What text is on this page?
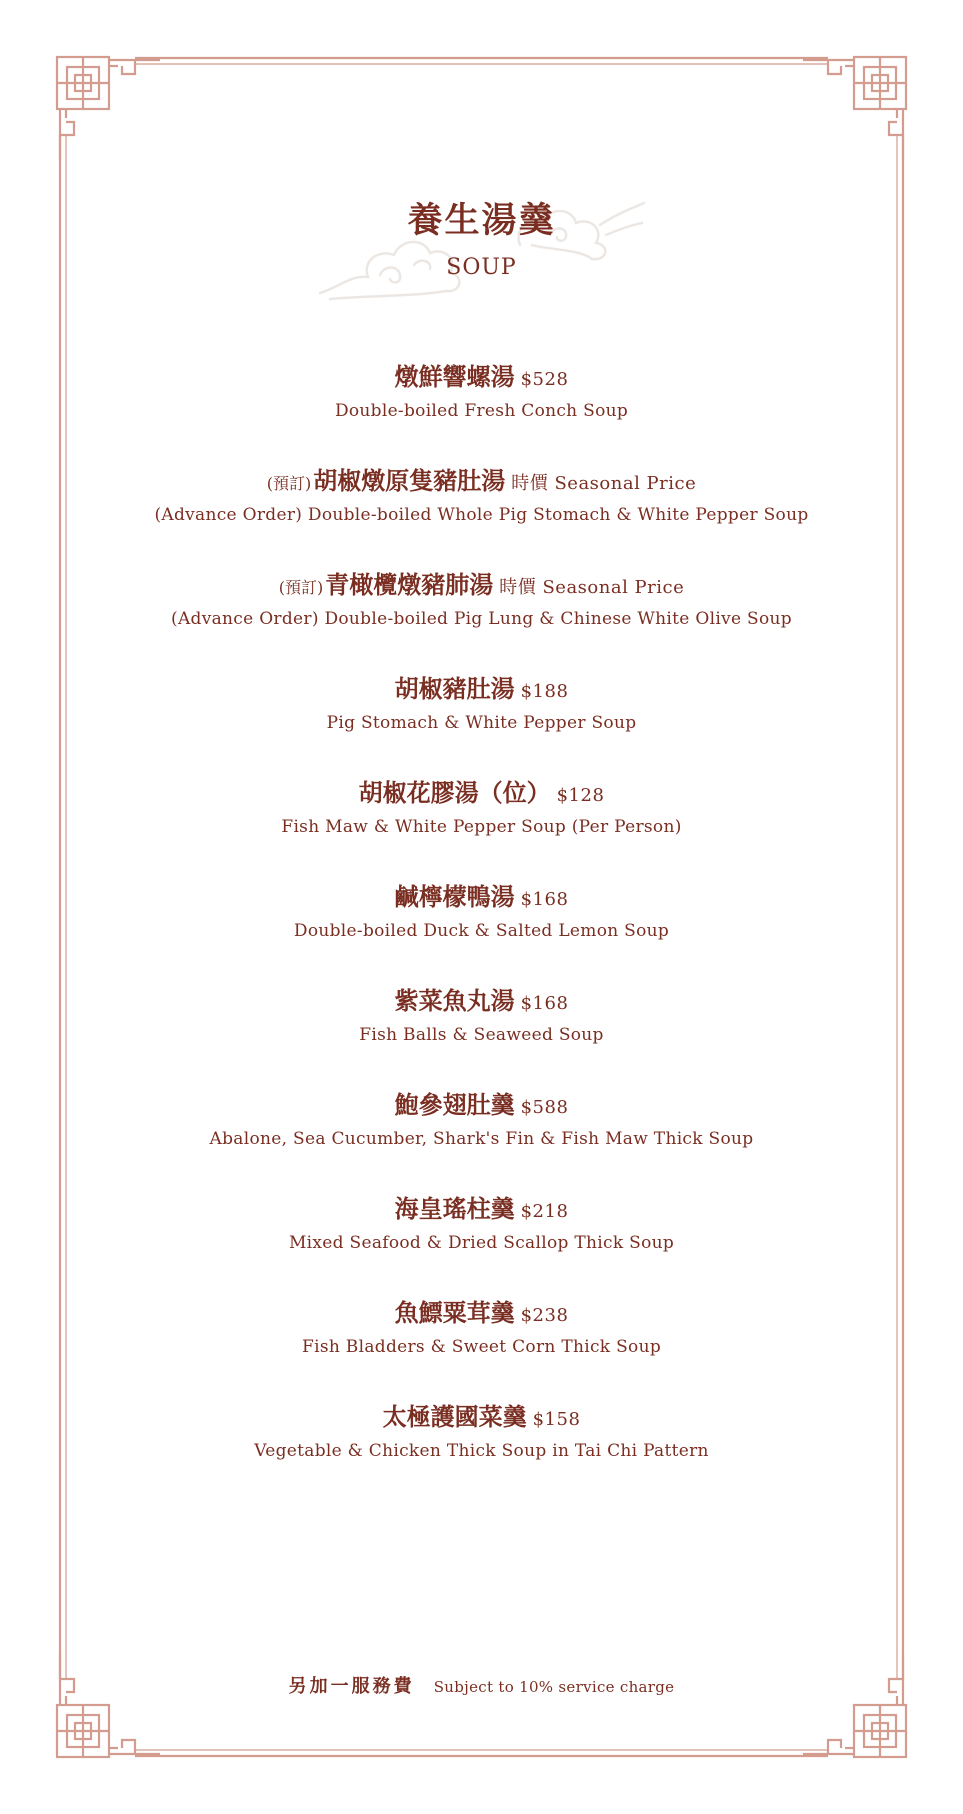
養生湯羹
SOUP
燉鮮響螺湯 $528
Double-boiled Fresh Conch Soup
(預訂)胡椒燉原隻豬肚湯 時價 Seasonal Price
(Advance Order) Double-boiled Whole Pig Stomach & White Pepper Soup
(預訂)青橄欖燉豬肺湯 時價 Seasonal Price
(Advance Order) Double-boiled Pig Lung & Chinese White Olive Soup
胡椒豬肚湯 $188
Pig Stomach & White Pepper Soup
胡椒花膠湯（位） $128
Fish Maw & White Pepper Soup (Per Person)
鹹檸檬鴨湯 $168
Double-boiled Duck & Salted Lemon Soup
紫菜魚丸湯 $168
Fish Balls & Seaweed Soup
鮑參翅肚羹 $588
Abalone, Sea Cucumber, Shark's Fin & Fish Maw Thick Soup
海皇瑤柱羹 $218
Mixed Seafood & Dried Scallop Thick Soup
魚鰾粟茸羹 $238
Fish Bladders & Sweet Corn Thick Soup
太極護國菜羹 $158
Vegetable & Chicken Thick Soup in Tai Chi Pattern
另加一服務費 Subject to 10% service charge
